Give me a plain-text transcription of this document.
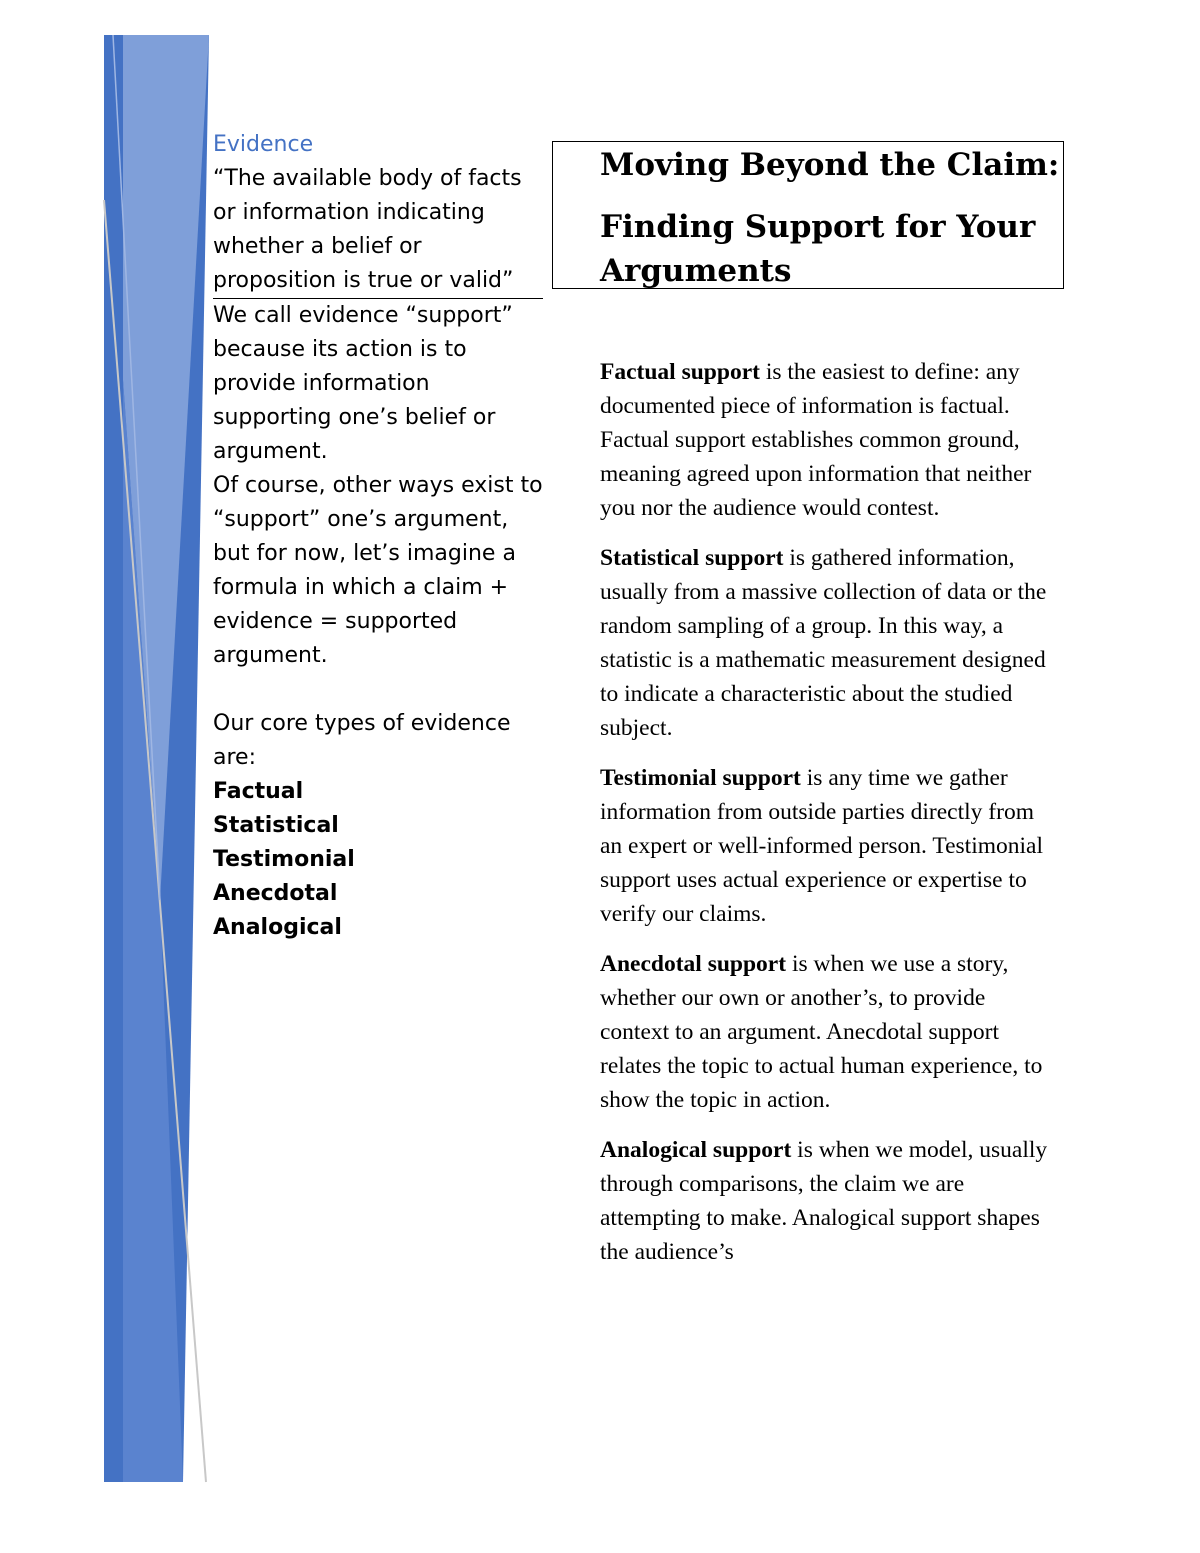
Evidence

“The available body of facts or information indicating whether a belief or proposition is true or valid”

We call evidence “support” because its action is to provide information supporting one’s belief or argument.

Of course, other ways exist to “support” one’s argument, but for now, let’s imagine a formula in which a claim + evidence = supported argument.

Our core types of evidence are:

Factual
Statistical
Testimonial
Anecdotal
Analogical
Moving Beyond the Claim:
Finding Support for Your Arguments

Factual support is the easiest to define: any documented piece of information is factual. Factual support establishes common ground, meaning agreed upon information that neither you nor the audience would contest.

Statistical support is gathered information, usually from a massive collection of data or the random sampling of a group. In this way, a statistic is a mathematic measurement designed to indicate a characteristic about the studied subject.

Testimonial support is any time we gather information from outside parties directly from an expert or well-informed person. Testimonial support uses actual experience or expertise to verify our claims.

Anecdotal support is when we use a story, whether our own or another’s, to provide context to an argument. Anecdotal support relates the topic to actual human experience, to show the topic in action.

Analogical support is when we model, usually through comparisons, the claim we are attempting to make. Analogical support shapes the audience’s
